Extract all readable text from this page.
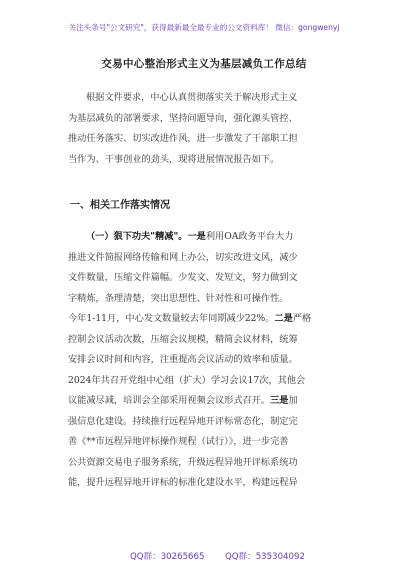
关注头条号"公文研究"，获得最新最全最专业的公文资料库！ 微信：gongwenyj
交易中心整治形式主义为基层减负工作总结
根据文件要求，中心认真贯彻落实关于解决形式主义
为基层减负的部署要求，坚持问题导向，强化源头管控、
推动任务落实、切实改进作风，进一步激发了干部职工担
当作为、干事创业的劲头，现将进展情况报告如下。
一、相关工作落实情况
（一）狠下功夫"精减"。一是利用OA政务平台大力
推进文件简报网络传输和网上办公，切实改进文风，减少
文件数量，压缩文件篇幅。少发文、发短文，努力做到文
字精炼，条理清楚，突出思想性、针对性和可操作性。
今年1-11月，中心发文数量较去年同期减少22%。二是严格
控制会议活动次数，压缩会议规模，精简会议材料，统筹
安排会议时间和内容，注重提高会议活动的效率和质量。
2024年共召开党组中心组（扩大）学习会议17次，其他会
议能减尽减，培训会全部采用视频会议形式召开。三是加
强信息化建设。持续推行远程异地开评标常态化，制定完
善《**市远程异地评标操作规程（试行）》，进一步完善
公共资源交易电子服务系统，升级远程异地开评标系统功
能，提升远程异地开评标的标准化建设水平，构建远程异
QQ群：30265665 QQ群：535304092
